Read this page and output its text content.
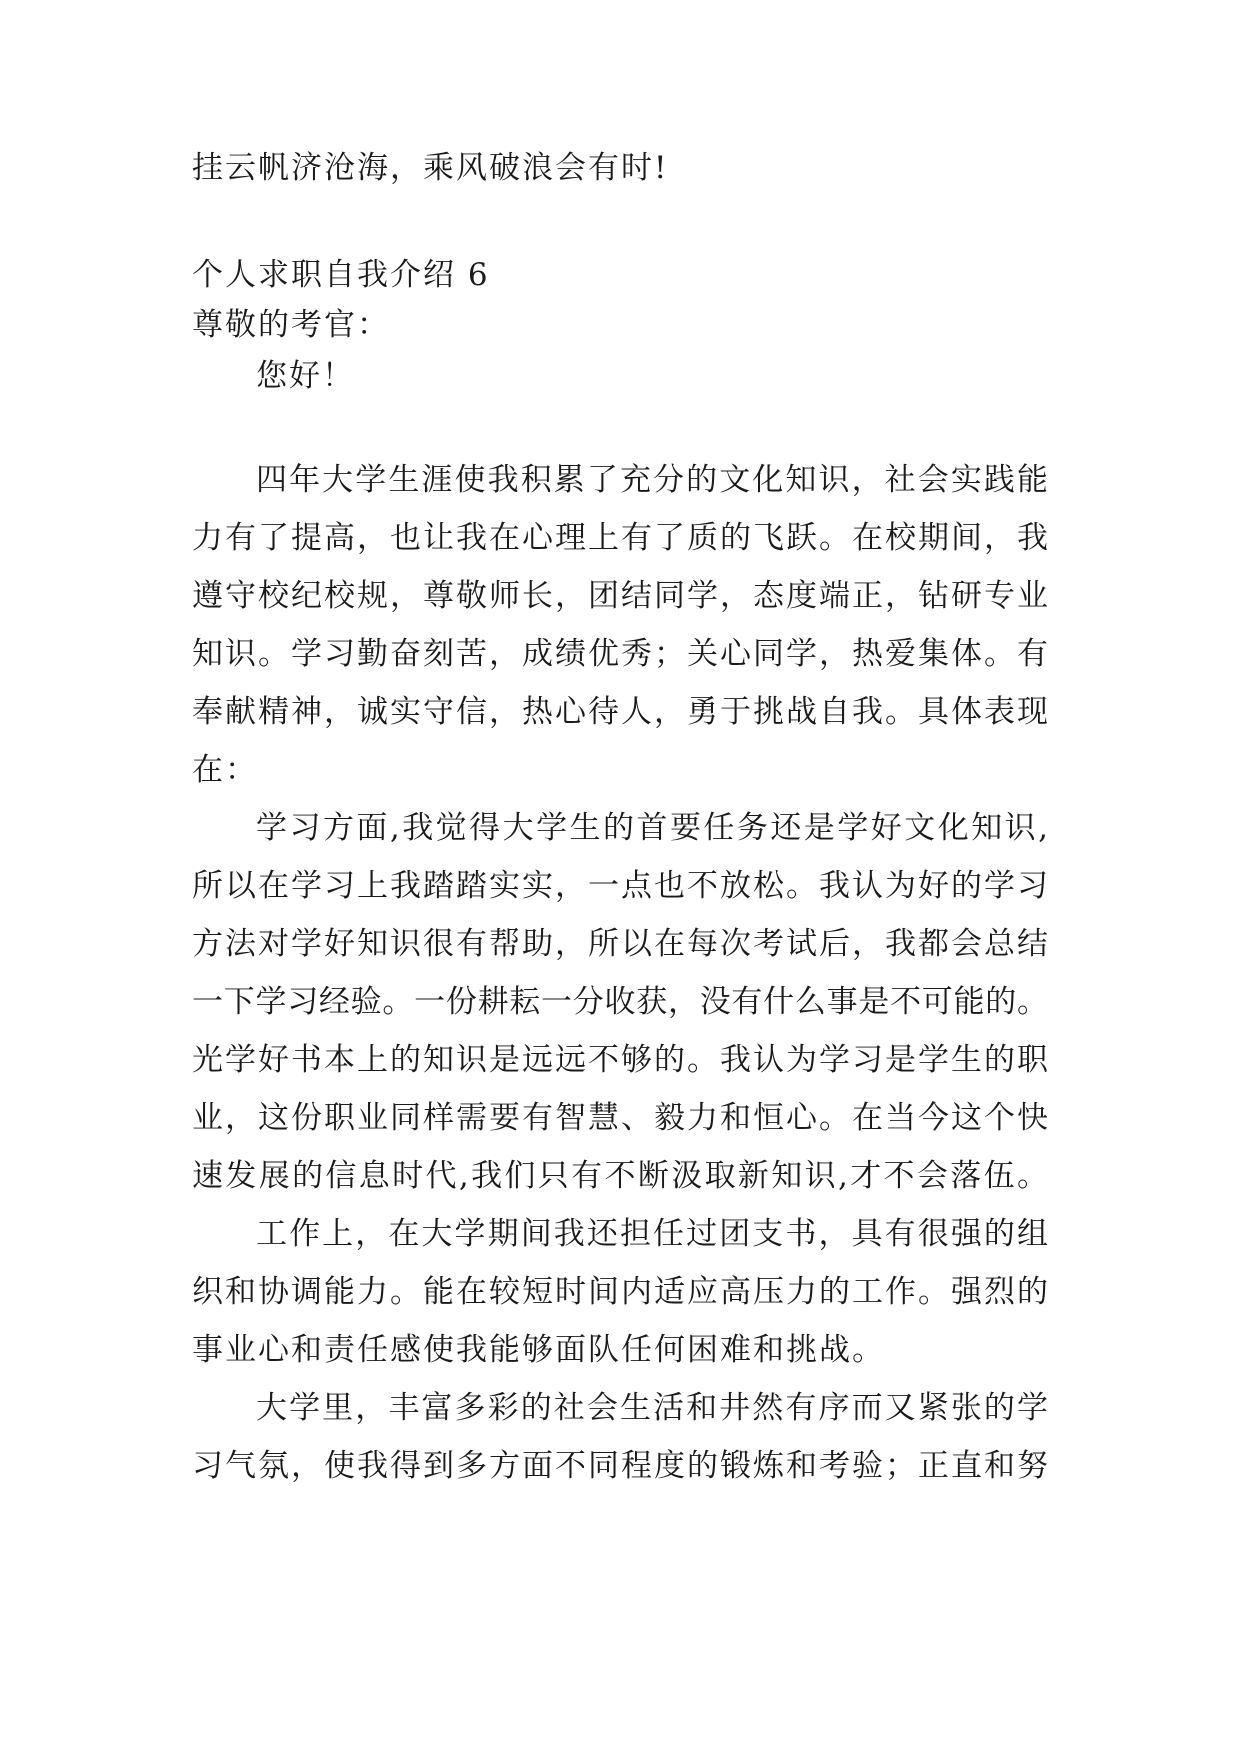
挂云帆济沧海，乘风破浪会有时!

个人求职自我介绍 6

尊敬的考官：

您好！

四年大学生涯使我积累了充分的文化知识，社会实践能

力有了提高，也让我在心理上有了质的飞跃。在校期间，我

遵守校纪校规，尊敬师长，团结同学，态度端正，钻研专业

知识。学习勤奋刻苦，成绩优秀；关心同学，热爱集体。有

奉献精神，诚实守信，热心待人，勇于挑战自我。具体表现

在：

学习方面,我觉得大学生的首要任务还是学好文化知识,

所以在学习上我踏踏实实，一点也不放松。我认为好的学习

方法对学好知识很有帮助，所以在每次考试后，我都会总结

一下学习经验。一份耕耘一分收获，没有什么事是不可能的。

光学好书本上的知识是远远不够的。我认为学习是学生的职

业，这份职业同样需要有智慧、毅力和恒心。在当今这个快

速发展的信息时代,我们只有不断汲取新知识,才不会落伍。

工作上，在大学期间我还担任过团支书，具有很强的组

织和协调能力。能在较短时间内适应高压力的工作。强烈的

事业心和责任感使我能够面队任何困难和挑战。

大学里，丰富多彩的社会生活和井然有序而又紧张的学

习气氛，使我得到多方面不同程度的锻炼和考验；正直和努
